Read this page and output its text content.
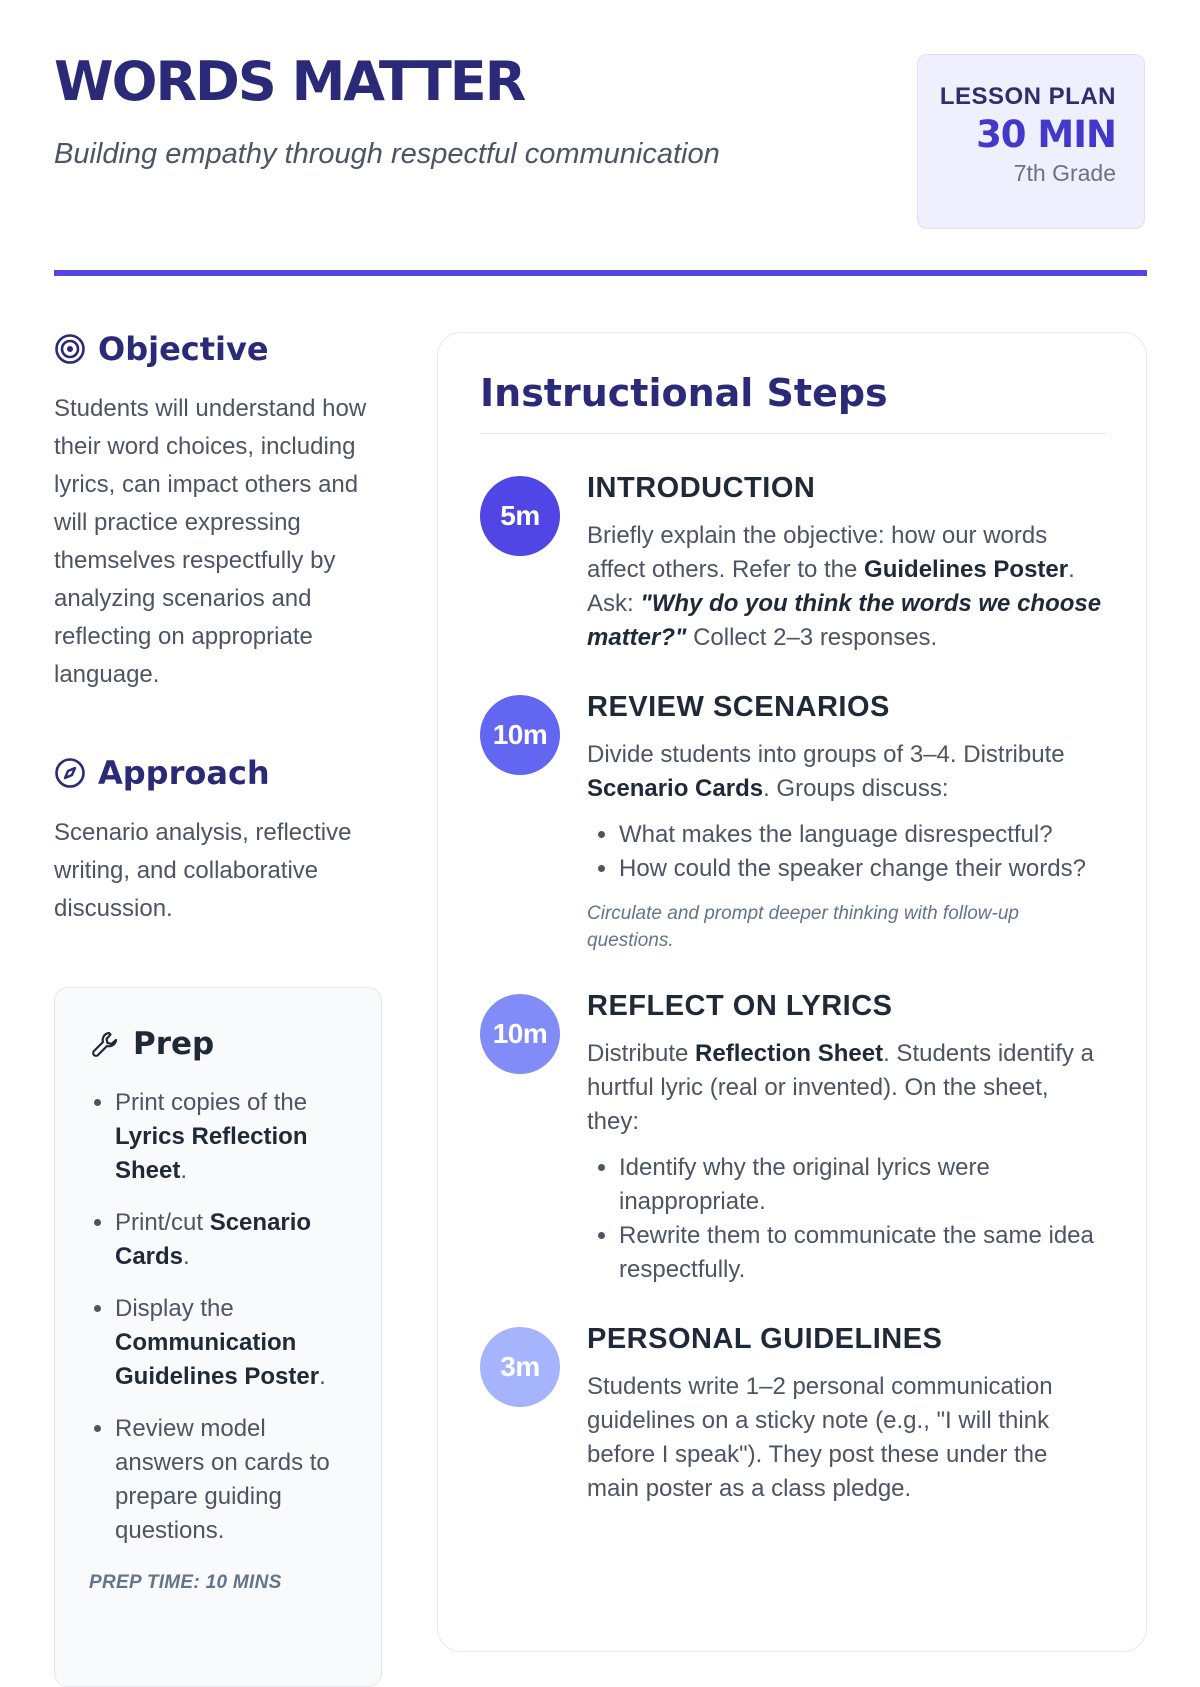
WORDS MATTER

Building empathy through respectful communication

LESSON PLAN
30 MIN
7th Grade
Objective

Students will understand how their word choices, including lyrics, can impact others and will practice expressing themselves respectfully by analyzing scenarios and reflecting on appropriate language.

Approach

Scenario analysis, reflective writing, and collaborative discussion.

Prep
• Print copies of the Lyrics Reflection Sheet.
• Print/cut Scenario Cards.
• Display the Communication Guidelines Poster.
• Review model answers on cards to prepare guiding questions.
PREP TIME: 10 MINS
Instructional Steps
5m
INTRODUCTION
Briefly explain the objective: how our words affect others. Refer to the Guidelines Poster. Ask: "Why do you think the words we choose matter?" Collect 2–3 responses.
10m
REVIEW SCENARIOS
Divide students into groups of 3–4. Distribute Scenario Cards. Groups discuss:
• What makes the language disrespectful?
• How could the speaker change their words?
Circulate and prompt deeper thinking with follow-up questions.
10m
REFLECT ON LYRICS
Distribute Reflection Sheet. Students identify a hurtful lyric (real or invented). On the sheet, they:
• Identify why the original lyrics were inappropriate.
• Rewrite them to communicate the same idea respectfully.
3m
PERSONAL GUIDELINES
Students write 1–2 personal communication guidelines on a sticky note (e.g., "I will think before I speak"). They post these under the main poster as a class pledge.
